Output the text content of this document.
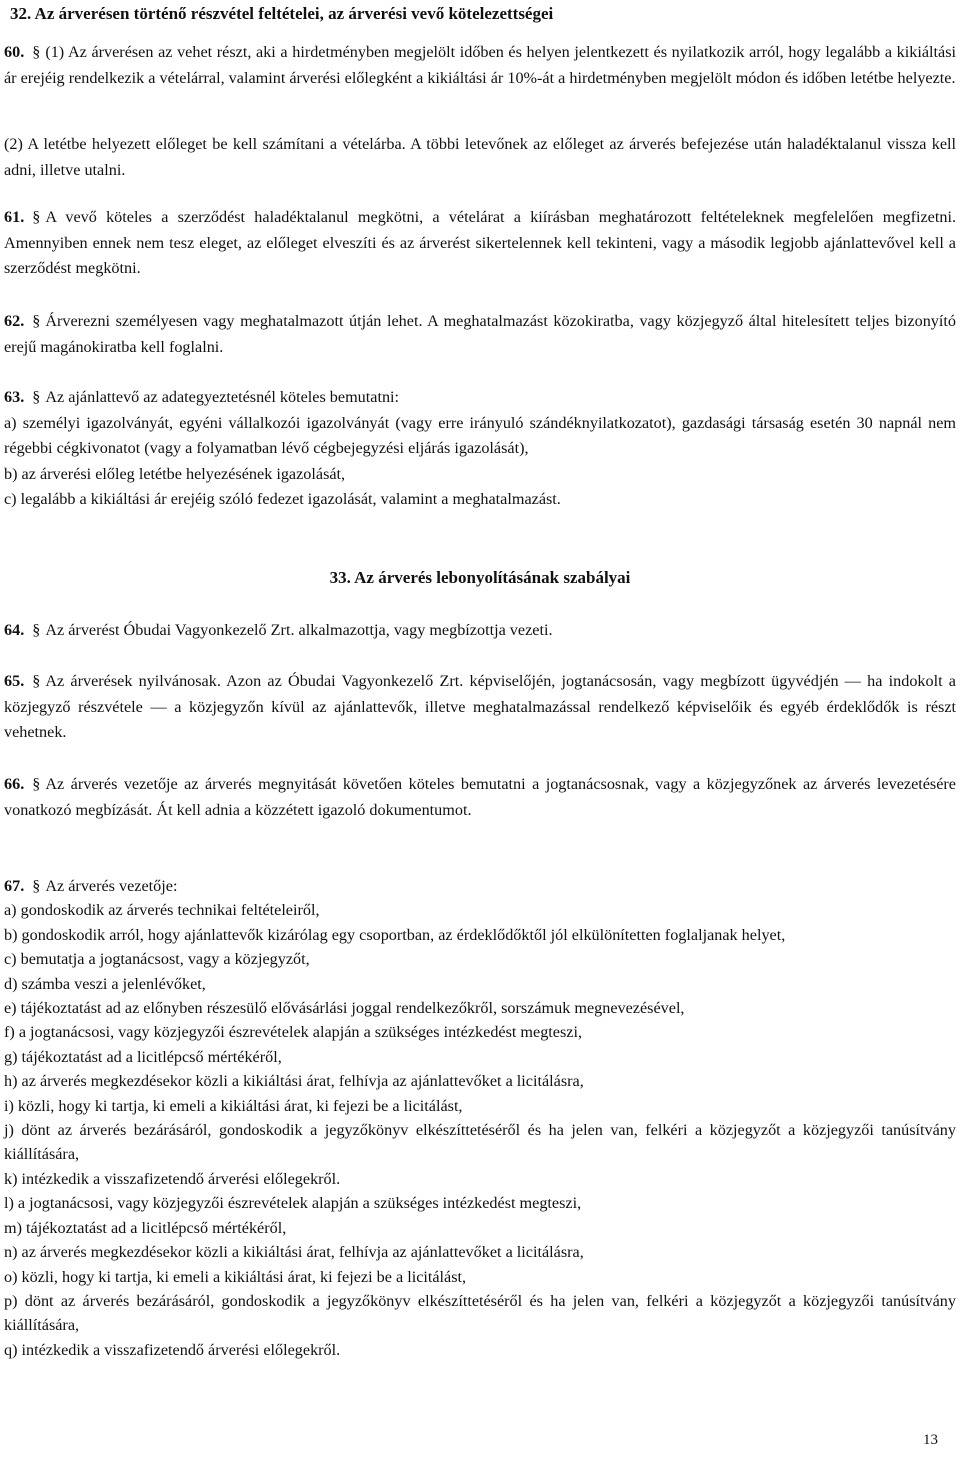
32. Az árverésen történő részvétel feltételei, az árverési vevő kötelezettségei
60. § (1) Az árverésen az vehet részt, aki a hirdetményben megjelölt időben és helyen jelentkezett és nyilatkozik arról, hogy legalább a kikiáltási ár erejéig rendelkezik a vételárral, valamint árverési előlegként a kikiáltási ár 10%-át a hirdetményben megjelölt módon és időben letétbe helyezte.
(2) A letétbe helyezett előleget be kell számítani a vételárba. A többi letevőnek az előleget az árverés befejezése után haladéktalanul vissza kell adni, illetve utalni.
61. § A vevő köteles a szerződést haladéktalanul megkötni, a vételárat a kiírásban meghatározott feltételeknek megfelelően megfizetni. Amennyiben ennek nem tesz eleget, az előleget elveszíti és az árverést sikertelennek kell tekinteni, vagy a második legjobb ajánlattevővel kell a szerződést megkötni.
62. § Árverezni személyesen vagy meghatalmazott útján lehet. A meghatalmazást közokiratba, vagy közjegyző által hitelesített teljes bizonyító erejű magánokiratba kell foglalni.
63. § Az ajánlattevő az adategyeztetésnél köteles bemutatni:
a) személyi igazolványát, egyéni vállalkozói igazolványát (vagy erre irányuló szándéknyilatkozatot), gazdasági társaság esetén 30 napnál nem régebbi cégkivonatot (vagy a folyamatban lévő cégbejegyzési eljárás igazolását),
b) az árverési előleg letétbe helyezésének igazolását,
c) legalább a kikiáltási ár erejéig szóló fedezet igazolását, valamint a meghatalmazást.
33. Az árverés lebonyolításának szabályai
64. § Az árverést Óbudai Vagyonkezelő Zrt. alkalmazottja, vagy megbízottja vezeti.
65. § Az árverések nyilvánosak. Azon az Óbudai Vagyonkezelő Zrt. képviselőjén, jogtanácsosán, vagy megbízott ügyvédjén ― ha indokolt a közjegyző részvétele ― a közjegyzőn kívül az ajánlattevők, illetve meghatalmazással rendelkező képviselőik és egyéb érdeklődők is részt vehetnek.
66. § Az árverés vezetője az árverés megnyitását követően köteles bemutatni a jogtanácsosnak, vagy a közjegyzőnek az árverés levezetésére vonatkozó megbízását. Át kell adnia a közzétett igazoló dokumentumot.
67. § Az árverés vezetője:
a) gondoskodik az árverés technikai feltételeiről,
b) gondoskodik arról, hogy ajánlattevők kizárólag egy csoportban, az érdeklődőktől jól elkülönítetten foglaljanak helyet,
c) bemutatja a jogtanácsost, vagy a közjegyzőt,
d) számba veszi a jelenlévőket,
e) tájékoztatást ad az előnyben részesülő elővásárlási joggal rendelkezőkről, sorszámuk megnevezésével,
f) a jogtanácsosi, vagy közjegyzői észrevételek alapján a szükséges intézkedést megteszi,
g) tájékoztatást ad a licitlépcső mértékéről,
h) az árverés megkezdésekor közli a kikiáltási árat, felhívja az ajánlattevőket a licitálásra,
i) közli, hogy ki tartja, ki emeli a kikiáltási árat, ki fejezi be a licitálást,
j) dönt az árverés bezárásáról, gondoskodik a jegyzőkönyv elkészíttetéséről és ha jelen van, felkéri a közjegyzőt a közjegyzői tanúsítvány kiállítására,
k) intézkedik a visszafizetendő árverési előlegekről.
l) a jogtanácsosi, vagy közjegyzői észrevételek alapján a szükséges intézkedést megteszi,
m) tájékoztatást ad a licitlépcső mértékéről,
n) az árverés megkezdésekor közli a kikiáltási árat, felhívja az ajánlattevőket a licitálásra,
o) közli, hogy ki tartja, ki emeli a kikiáltási árat, ki fejezi be a licitálást,
p) dönt az árverés bezárásáról, gondoskodik a jegyzőkönyv elkészíttetéséről és ha jelen van, felkéri a közjegyzőt a közjegyzői tanúsítvány kiállítására,
q) intézkedik a visszafizetendő árverési előlegekről.
13
